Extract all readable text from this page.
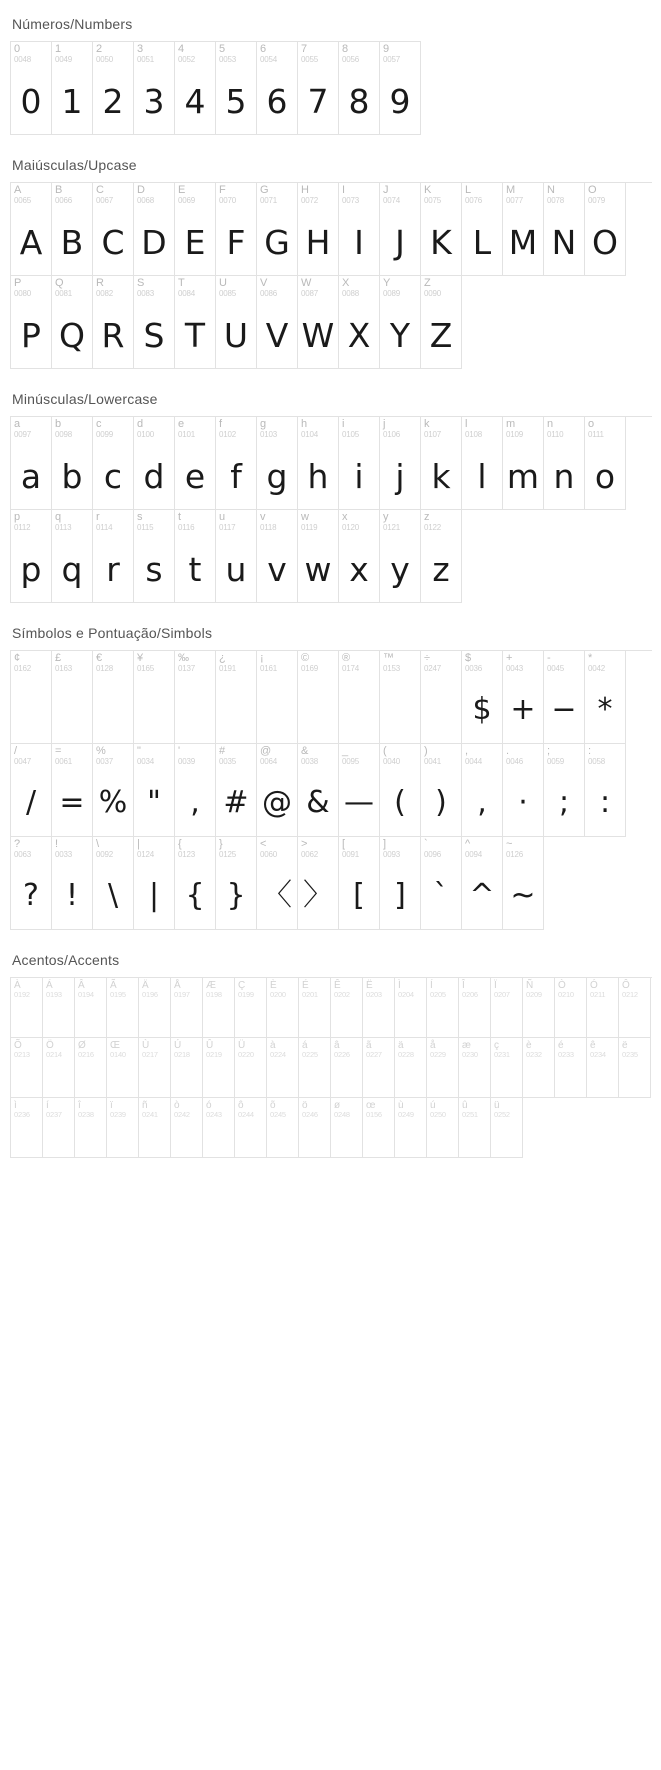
Números/Numbers
0
0048
0
1
0049
1
2
0050
2
3
0051
3
4
0052
4
5
0053
5
6
0054
6
7
0055
7
8
0056
8
9
0057
9
Maiúsculas/Upcase
A
0065
A
B
0066
B
C
0067
C
D
0068
D
E
0069
E
F
0070
F
G
0071
G
H
0072
H
I
0073
I
J
0074
J
K
0075
K
L
0076
L
M
0077
M
N
0078
N
O
0079
O
P
0080
P
Q
0081
Q
R
0082
R
S
0083
S
T
0084
T
U
0085
U
V
0086
V
W
0087
W
X
0088
X
Y
0089
Y
Z
0090
Z
Minúsculas/Lowercase
a
0097
a
b
0098
b
c
0099
c
d
0100
d
e
0101
e
f
0102
f
g
0103
g
h
0104
h
i
0105
i
j
0106
j
k
0107
k
l
0108
l
m
0109
m
n
0110
n
o
0111
o
p
0112
p
q
0113
q
r
0114
r
s
0115
s
t
0116
t
u
0117
u
v
0118
v
w
0119
w
x
0120
x
y
0121
y
z
0122
z
Símbolos e Pontuação/Simbols
¢
0162
£
0163
€
0128
¥
0165
‰
0137
¿
0191
¡
0161
©
0169
®
0174
™
0153
÷
0247
$
0036
$
+
0043
+
-
0045
−
*
0042
*
/
0047
/
=
0061
=
%
0037
%
"
0034
"
'
0039
,
#
0035
#
@
0064
@
&
0038
&
_
0095
—
(
0040
(
)
0041
)
,
0044
,
.
0046
·
;
0059
;
:
0058
:
?
0063
?
!
0033
!
\
0092
\
|
0124
|
{
0123
{
}
0125
}
<
0060
〈
>
0062
〉
[
0091
[
]
0093
]
`
0096
`
^
0094
^
~
0126
~
Acentos/Accents
À
0192
Á
0193
Â
0194
Ã
0195
Ä
0196
Å
0197
Æ
0198
Ç
0199
È
0200
É
0201
Ê
0202
Ë
0203
Ì
0204
Í
0205
Î
0206
Ï
0207
Ñ
0209
Ò
0210
Ó
0211
Ô
0212
Õ
0213
Ö
0214
Ø
0216
Œ
0140
Ù
0217
Ú
0218
Û
0219
Ü
0220
à
0224
á
0225
â
0226
ã
0227
ä
0228
å
0229
æ
0230
ç
0231
è
0232
é
0233
ê
0234
ë
0235
ì
0236
í
0237
î
0238
ï
0239
ñ
0241
ò
0242
ó
0243
ô
0244
õ
0245
ö
0246
ø
0248
œ
0156
ù
0249
ú
0250
û
0251
ü
0252
